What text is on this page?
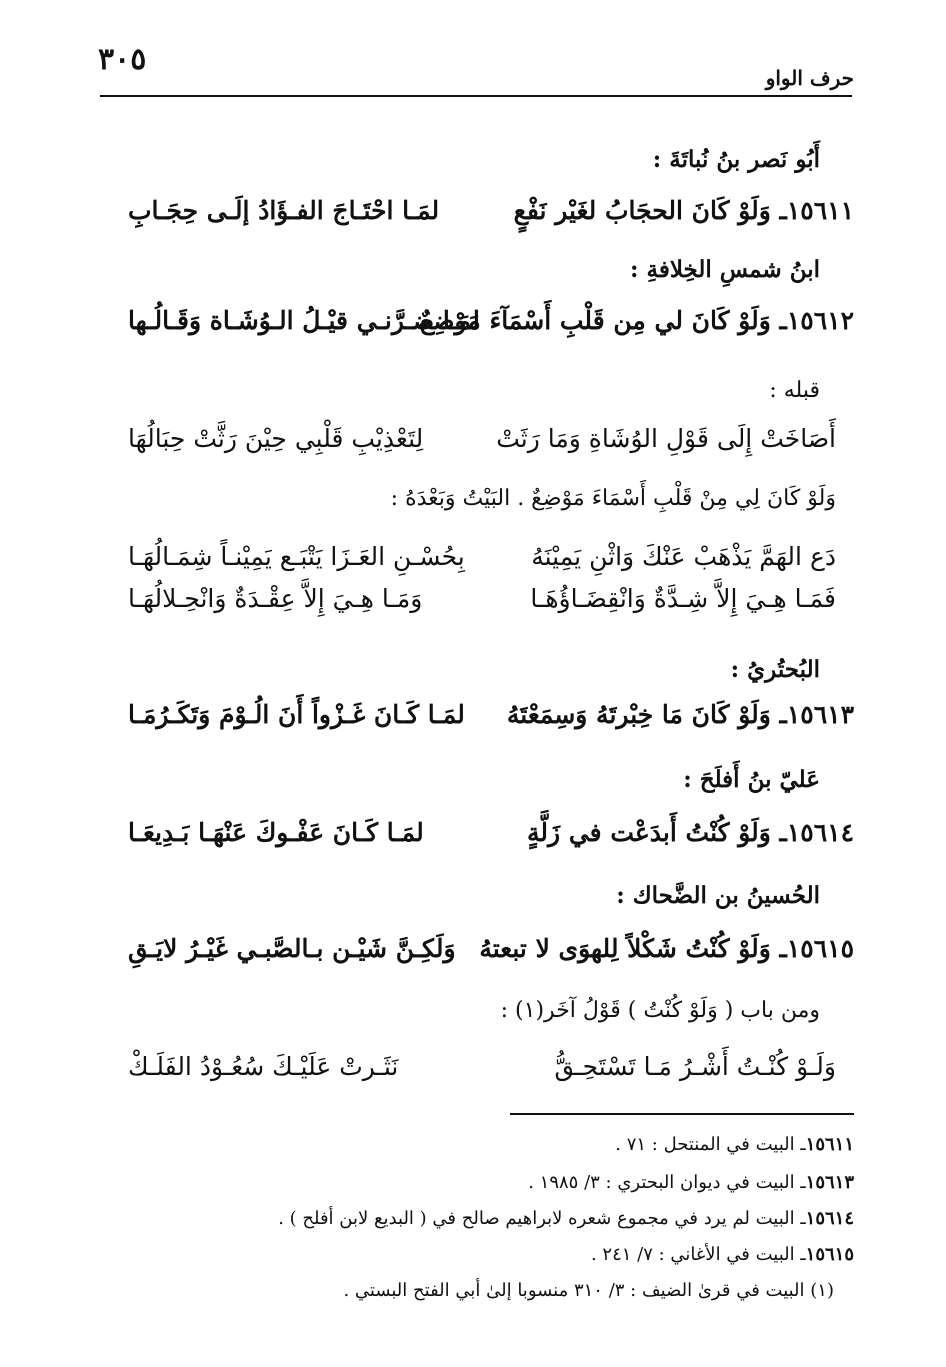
٣٠٥
حرف الواو
أَبُو نَصر بنُ نُباتَةَ :
١٥٦١١ـ وَلَوْ كَانَ الحجَابُ لغَيْر نَفْعٍ
لمَـا احْتَـاجَ الفـؤَادُ إلَـى حِجَـابِ
ابنُ شمسِ الخِلافةِ :
١٥٦١٢ـ وَلَوْ كَانَ لي مِن قَلْبِ أَسْمَآءَ مَوْضِعٌ
لمَـا ضـرَّنـي قيْـلُ الـوُشَـاة وَقَـالُـها
قبله :
أَصَاخَتْ إِلَى قَوْلِ الوُشَاةِ وَمَا رَثَتْ
لِتَعْذِيْبِ قَلْبِي حِيْنَ رَثَّتْ حِبَالُهَا
وَلَوْ كَانَ لِي مِنْ قَلْبِ أَسْمَاءَ مَوْضِعٌ . البَيْتُ وَبَعْدَهُ :
دَع الهَمَّ يَذْهَبْ عَنْكَ وَاثْنِ يَمِيْنَهُ
بِحُسْـنِ العَـزَا يَتْبَـع يَمِيْنـاً شِمَـالُهَـا
فَمَـا هِـيَ إِلاَّ شِـدَّةٌ وَانْقِضَـاؤُهَـا
وَمَـا هِـيَ إِلاَّ عِقْـدَةٌ وَانْحِـلالُهَـا
البُحتُريُ :
١٥٦١٣ـ وَلَوْ كَانَ مَا خِبْرتَهُ وَسِمَعْتَهُ
لمَـا كَـانَ غَـزْواً أَنَ الُـوْمَ وَتَكَـرُمَـا
عَليّ بنُ أَفلَحَ :
١٥٦١٤ـ وَلَوْ كُنْتُ أَبدَعْت في زَلَّةٍ
لمَـا كَـانَ عَفْـوكَ عَنْهَـا بَـدِيعَـا
الحُسينُ بن الضَّحاك :
١٥٦١٥ـ وَلَوْ كُنْتُ شَكْلاً لِلهوَى لا تبعتهُ
وَلَكِـنَّ شَيْـن بـالصَّبـي غَيْـرُ لايَـقِ
ومن باب ( وَلَوْ كُنْتُ ) قَوْلُ آخَر(١) :
وَلَـوْ كُنْـتُ أَشْـرُ مَـا تَسْتَحِـقُّ
نَثَـرتْ عَلَيْـكَ سُعُـوْدُ الفَلَـكْ
١٥٦١١ـ البيت في المنتحل : ٧١ .
١٥٦١٣ـ البيت في ديوان البحتري : ٣/ ١٩٨٥ .
١٥٦١٤ـ البيت لم يرد في مجموع شعره لابراهيم صالح في ( البديع لابن أفلح ) .
١٥٦١٥ـ البيت في الأغاني : ٧/ ٢٤١ .
(١) البيت في قرىٰ الضيف : ٣/ ٣١٠ منسوبا إلىٰ أبي الفتح البستي .
